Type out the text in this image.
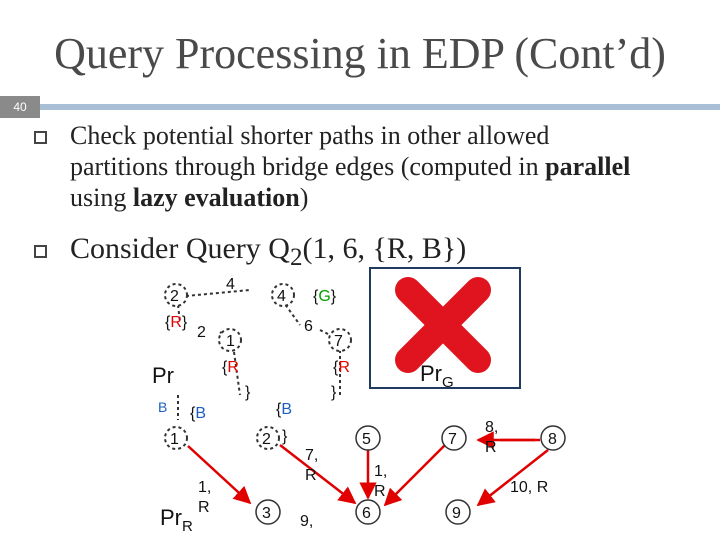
Query Processing in EDP (Cont’d)
40
Check potential shorter paths in other allowed partitions through bridge edges (computed in parallel using lazy evaluation)
Consider Query $Q_2(1$, 6, {R, B})
2	4
4
1	7
2	6
1	2	5	7
6	9
3
8
{R}
{G}
{R
}
{R
}
{B	{B
}
B
1,
R
7,
R	1,
R
9,
8,
R
10, R
Pr
$Pr_R$
$Pr_G$
